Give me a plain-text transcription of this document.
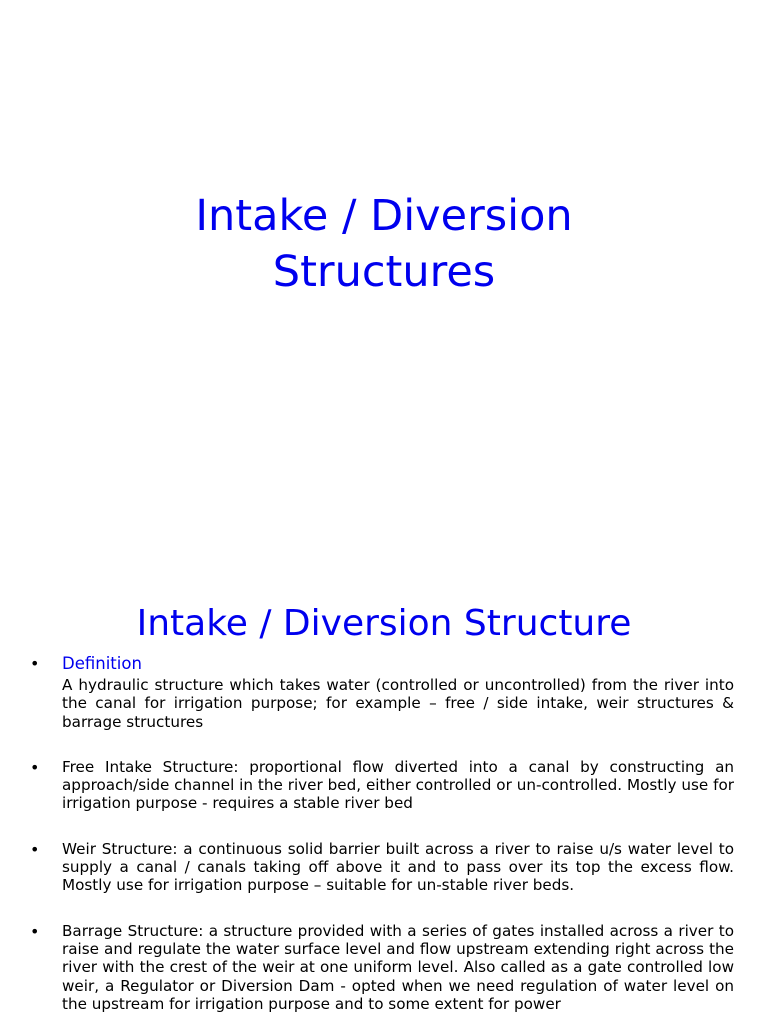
Intake / Diversion
Structures
Intake / Diversion Structure
• Definition
A hydraulic structure which takes water (controlled or uncontrolled) from the river into the canal for irrigation purpose; for example – free / side intake, weir structures & barrage structures
• Free Intake Structure: proportional flow diverted into a canal by constructing an approach/side channel in the river bed, either controlled or un-controlled. Mostly use for irrigation purpose - requires a stable river bed
• Weir Structure: a continuous solid barrier built across a river to raise u/s water level to supply a canal / canals taking off above it and to pass over its top the excess flow. Mostly use for irrigation purpose – suitable for un-stable river beds.
• Barrage Structure: a structure provided with a series of gates installed across a river to raise and regulate the water surface level and flow upstream extending right across the river with the crest of the weir at one uniform level. Also called as a gate controlled low weir, a Regulator or Diversion Dam - opted when we need regulation of water level on the upstream for irrigation purpose and to some extent for power
